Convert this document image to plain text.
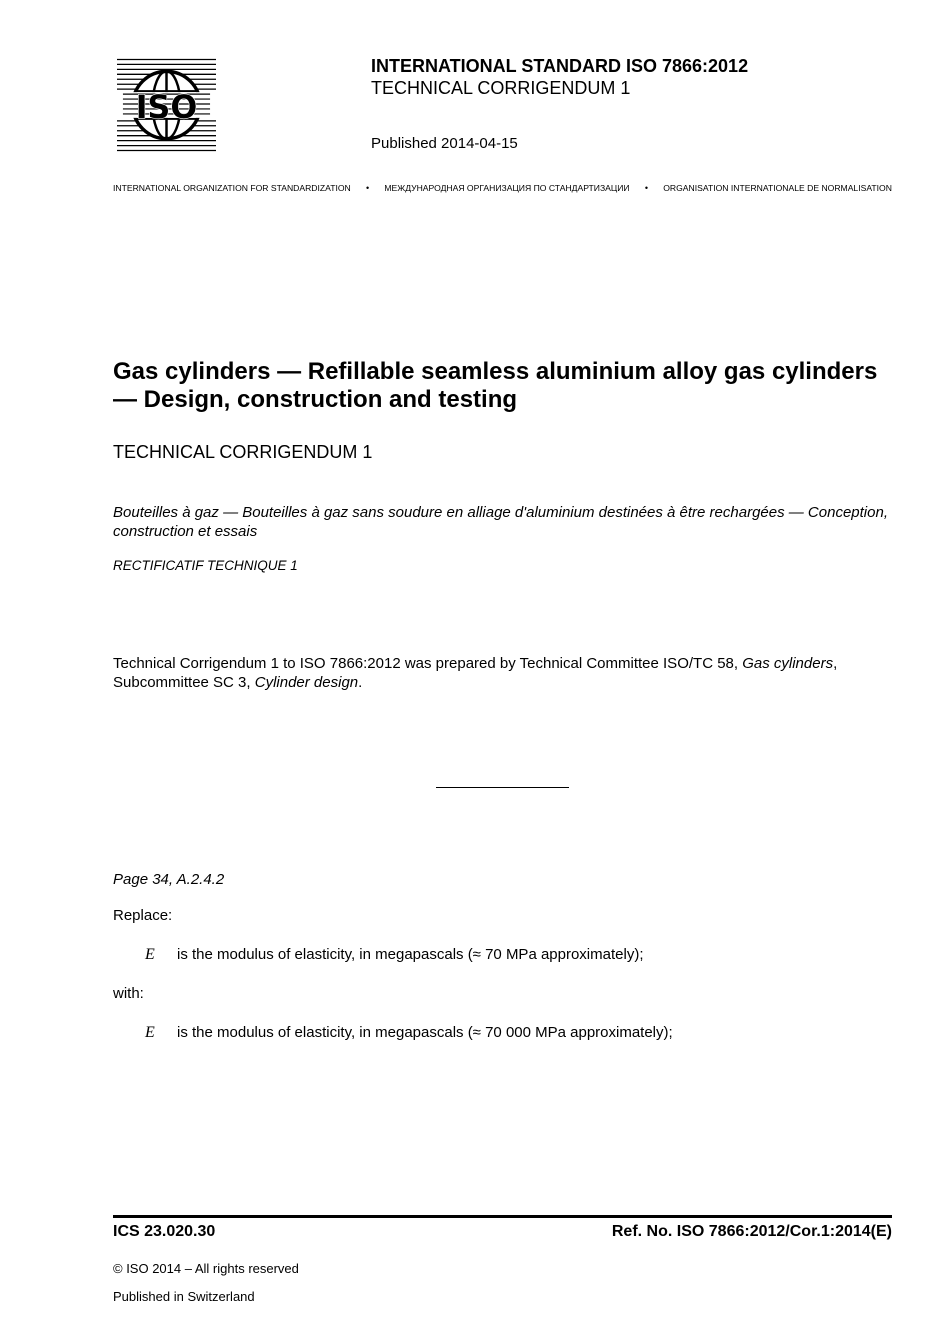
ISO
INTERNATIONAL STANDARD ISO 7866:2012
TECHNICAL CORRIGENDUM 1
Published 2014-04-15
INTERNATIONAL ORGANIZATION FOR STANDARDIZATION • МЕЖДУНАРОДНАЯ ОРГАНИЗАЦИЯ ПО СТАНДАРТИЗАЦИИ • ORGANISATION INTERNATIONALE DE NORMALISATION
Gas cylinders — Refillable seamless aluminium alloy gas cylinders — Design, construction and testing
TECHNICAL CORRIGENDUM 1
Bouteilles à gaz — Bouteilles à gaz sans soudure en alliage d'aluminium destinées à être rechargées — Conception, construction et essais
RECTIFICATIF TECHNIQUE 1
Technical Corrigendum 1 to ISO 7866:2012 was prepared by Technical Committee ISO/TC 58, Gas cylinders, Subcommittee SC 3, Cylinder design.
Page 34, A.2.4.2
Replace:
E is the modulus of elasticity, in megapascals (≈ 70 MPa approximately);
with:
E is the modulus of elasticity, in megapascals (≈ 70 000 MPa approximately);
ICS 23.020.30	Ref. No. ISO 7866:2012/Cor.1:2014(E)
© ISO 2014 – All rights reserved
Published in Switzerland
